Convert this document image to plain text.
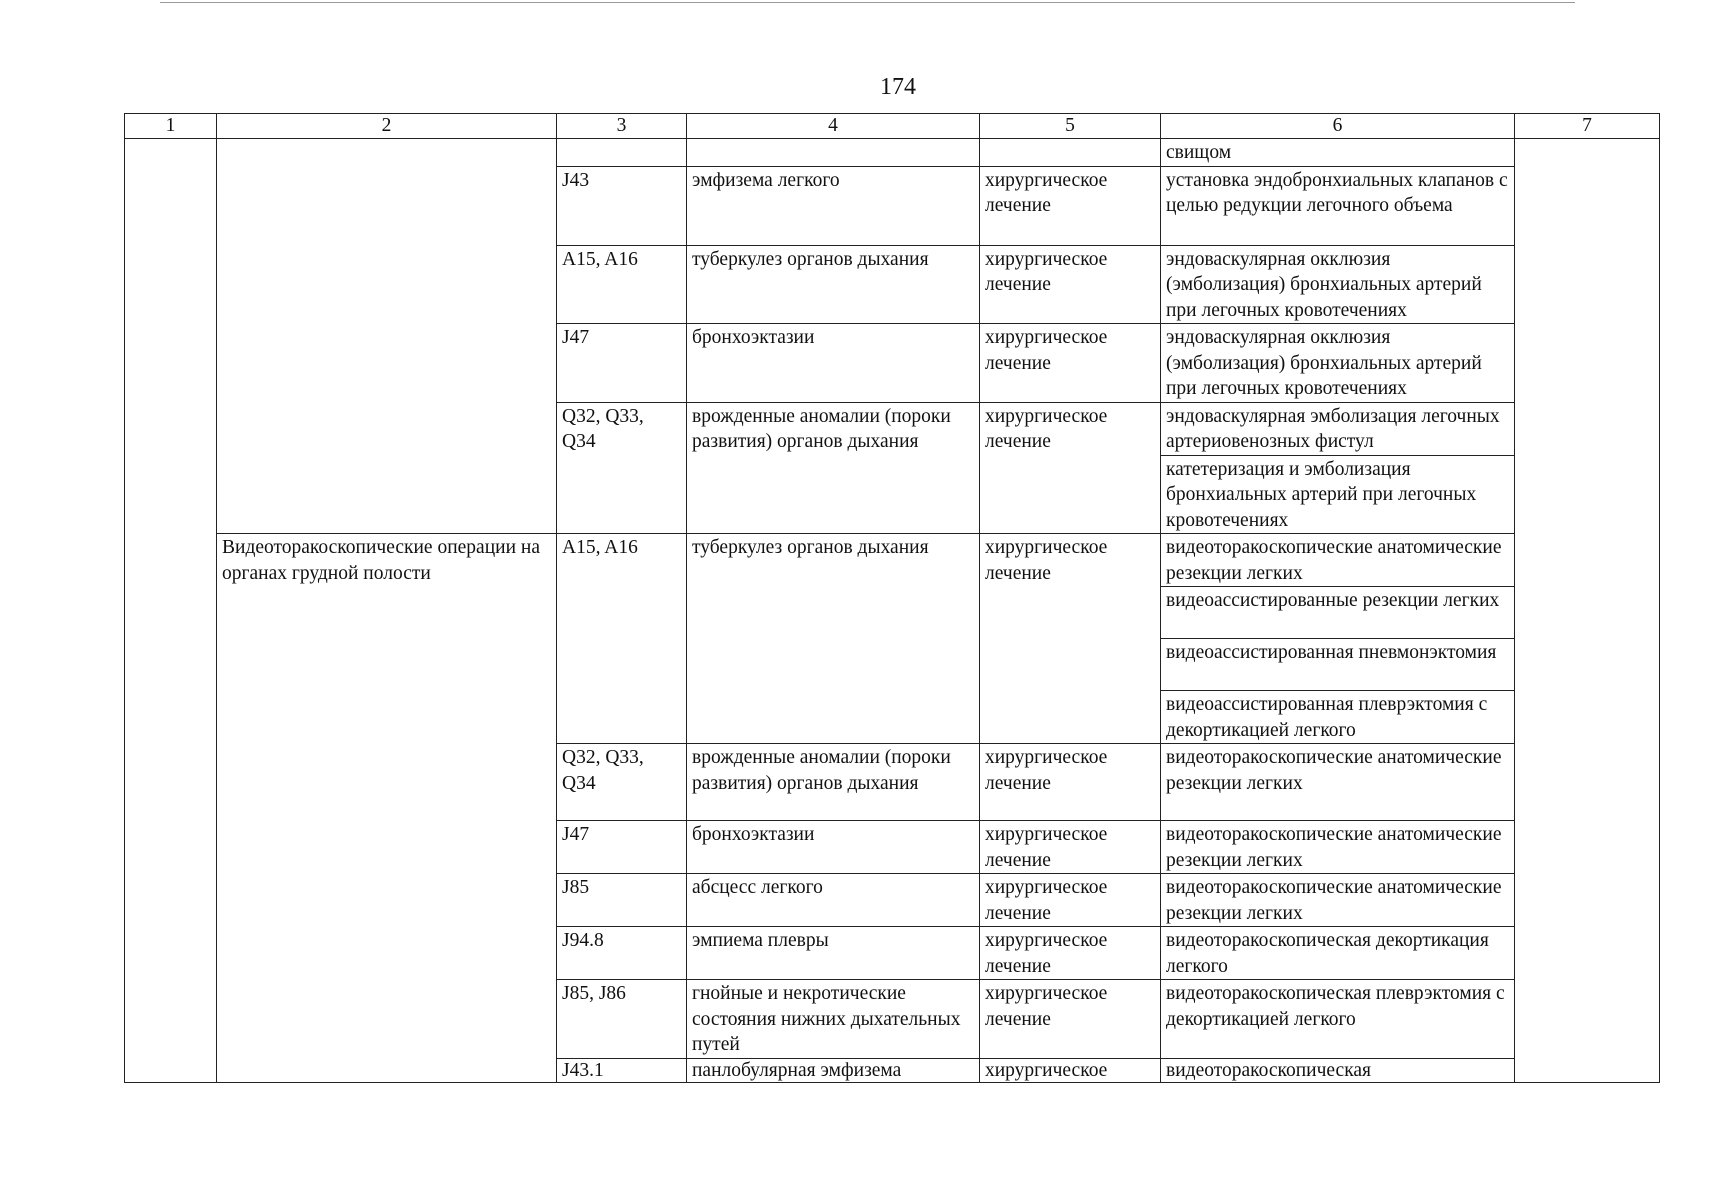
174
1	2	3	4	5	6	7
					свищом	
		J43	эмфизема легкого	хирургическое лечение	установка эндобронхиальных клапанов с целью редукции легочного объема	
		A15, A16	туберкулез органов дыхания	хирургическое лечение	эндоваскулярная окклюзия (эмболизация) бронхиальных артерий при легочных кровотечениях	
		J47	бронхоэктазии	хирургическое лечение	эндоваскулярная окклюзия (эмболизация) бронхиальных артерий при легочных кровотечениях	
		Q32, Q33, Q34	врожденные аномалии (пороки развития) органов дыхания	хирургическое лечение	эндоваскулярная эмболизация легочных артериовенозных фистул	
					катетеризация и эмболизация бронхиальных артерий при легочных кровотечениях	
	Видеоторакоскопические операции на органах грудной полости	A15, A16	туберкулез органов дыхания	хирургическое лечение	видеоторакоскопические анатомические резекции легких	
					видеоассистированные резекции легких	
					видеоассистированная пневмонэктомия	
					видеоассистированная плеврэктомия с декортикацией легкого	
		Q32, Q33, Q34	врожденные аномалии (пороки развития) органов дыхания	хирургическое лечение	видеоторакоскопические анатомические резекции легких	
		J47	бронхоэктазии	хирургическое лечение	видеоторакоскопические анатомические резекции легких	
		J85	абсцесс легкого	хирургическое лечение	видеоторакоскопические анатомические резекции легких	
		J94.8	эмпиема плевры	хирургическое лечение	видеоторакоскопическая декортикация легкого	
		J85, J86	гнойные и некротические состояния нижних дыхательных путей	хирургическое лечение	видеоторакоскопическая плеврэктомия с декортикацией легкого	
		J43.1	панлобулярная эмфизема	хирургическое	видеоторакоскопическая	
